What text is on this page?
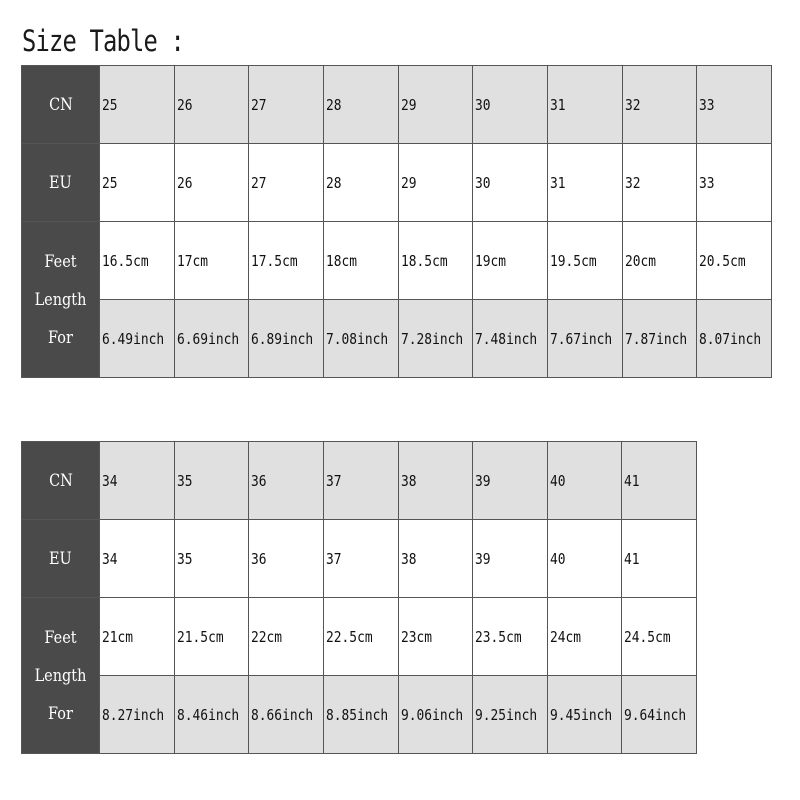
Size Table :
CN	25	26	27	28	29	30	31	32	33
EU	25	26	27	28	29	30	31	32	33
Feet
Length
For	16.5cm	17cm	17.5cm	18cm	18.5cm	19cm	19.5cm	20cm	20.5cm
	6.49inch	6.69inch	6.89inch	7.08inch	7.28inch	7.48inch	7.67inch	7.87inch	8.07inch
CN	34	35	36	37	38	39	40	41
EU	34	35	36	37	38	39	40	41
Feet
Length
For	21cm	21.5cm	22cm	22.5cm	23cm	23.5cm	24cm	24.5cm
	8.27inch	8.46inch	8.66inch	8.85inch	9.06inch	9.25inch	9.45inch	9.64inch
